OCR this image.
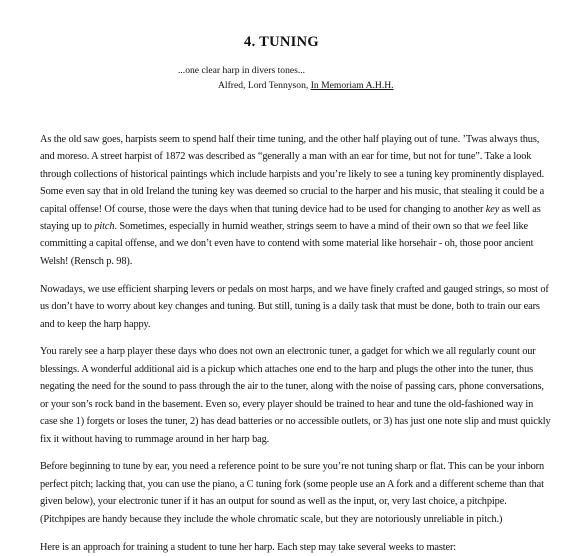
4. TUNING
...one clear harp in divers tones...
Alfred, Lord Tennyson, In Memoriam A.H.H.

As the old saw goes, harpists seem to spend half their time tuning, and the other half playing out of tune. ’Twas always thus, and moreso. A street harpist of 1872 was described as “generally a man with an ear for time, but not for tune”. Take a look through collections of historical paintings which include harpists and you’re likely to see a tuning key prominently displayed. Some even say that in old Ireland the tuning key was deemed so crucial to the harper and his music, that stealing it could be a capital offense! Of course, those were the days when that tuning device had to be used for changing to another key as well as staying up to pitch. Sometimes, especially in humid weather, strings seem to have a mind of their own so that we feel like committing a capital offense, and we don’t even have to contend with some material like horsehair - oh, those poor ancient Welsh! (Rensch p. 98).

Nowadays, we use efficient sharping levers or pedals on most harps, and we have finely crafted and gauged strings, so most of us don’t have to worry about key changes and tuning. But still, tuning is a daily task that must be done, both to train our ears and to keep the harp happy.

You rarely see a harp player these days who does not own an electronic tuner, a gadget for which we all regularly count our blessings. A wonderful additional aid is a pickup which attaches one end to the harp and plugs the other into the tuner, thus negating the need for the sound to pass through the air to the tuner, along with the noise of passing cars, phone conversations, or your son’s rock band in the basement. Even so, every player should be trained to hear and tune the old-fashioned way in case she 1) forgets or loses the tuner, 2) has dead batteries or no accessible outlets, or 3) has just one note slip and must quickly fix it without having to rummage around in her harp bag.

Before beginning to tune by ear, you need a reference point to be sure you’re not tuning sharp or flat. This can be your inborn perfect pitch; lacking that, you can use the piano, a C tuning fork (some people use an A fork and a different scheme than that given below), your electronic tuner if it has an output for sound as well as the input, or, very last choice, a pitchpipe. (Pitchpipes are handy because they include the whole chromatic scale, but they are notoriously unreliable in pitch.)

Here is an approach for training a student to tune her harp. Each step may take several weeks to master:
